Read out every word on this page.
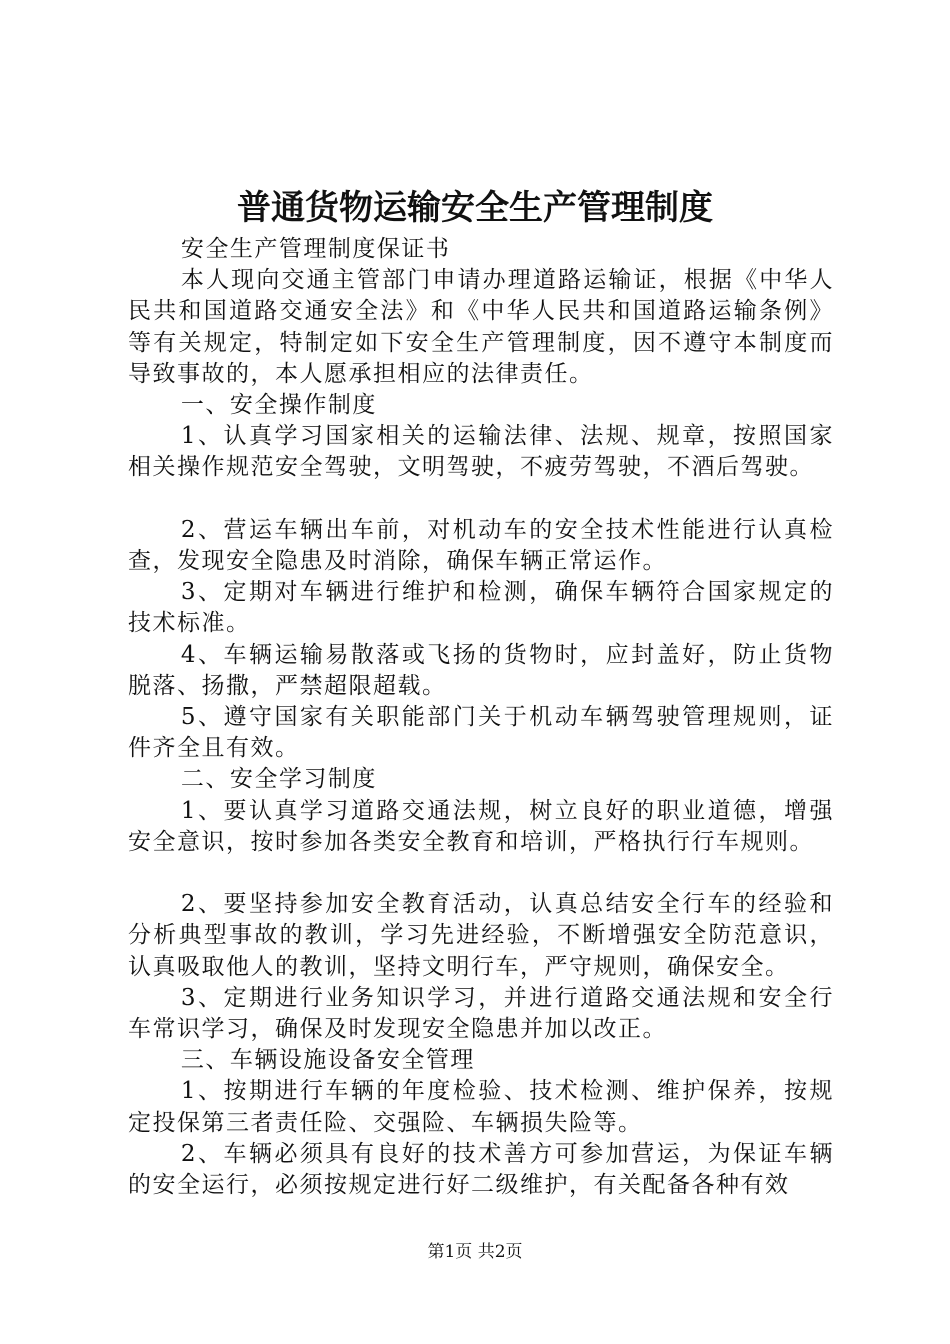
普通货物运输安全生产管理制度

安全生产管理制度保证书

本人现向交通主管部门申请办理道路运输证，根据《中华人民共和国道路交通安全法》和《中华人民共和国道路运输条例》等有关规定，特制定如下安全生产管理制度，因不遵守本制度而导致事故的，本人愿承担相应的法律责任。

一、安全操作制度

1、认真学习国家相关的运输法律、法规、规章，按照国家相关操作规范安全驾驶，文明驾驶，不疲劳驾驶，不酒后驾驶。

2、营运车辆出车前，对机动车的安全技术性能进行认真检查，发现安全隐患及时消除，确保车辆正常运作。

3、定期对车辆进行维护和检测，确保车辆符合国家规定的技术标准。

4、车辆运输易散落或飞扬的货物时，应封盖好，防止货物脱落、扬撒，严禁超限超载。

5、遵守国家有关职能部门关于机动车辆驾驶管理规则，证件齐全且有效。

二、安全学习制度

1、要认真学习道路交通法规，树立良好的职业道德，增强安全意识，按时参加各类安全教育和培训，严格执行行车规则。

2、要坚持参加安全教育活动，认真总结安全行车的经验和分析典型事故的教训，学习先进经验，不断增强安全防范意识，认真吸取他人的教训，坚持文明行车，严守规则，确保安全。

3、定期进行业务知识学习，并进行道路交通法规和安全行车常识学习，确保及时发现安全隐患并加以改正。

三、车辆设施设备安全管理

1、按期进行车辆的年度检验、技术检测、维护保养，按规定投保第三者责任险、交强险、车辆损失险等。

2、车辆必须具有良好的技术善方可参加营运，为保证车辆的安全运行，必须按规定进行好二级维护，有关配备各种有效

第1页 共2页
